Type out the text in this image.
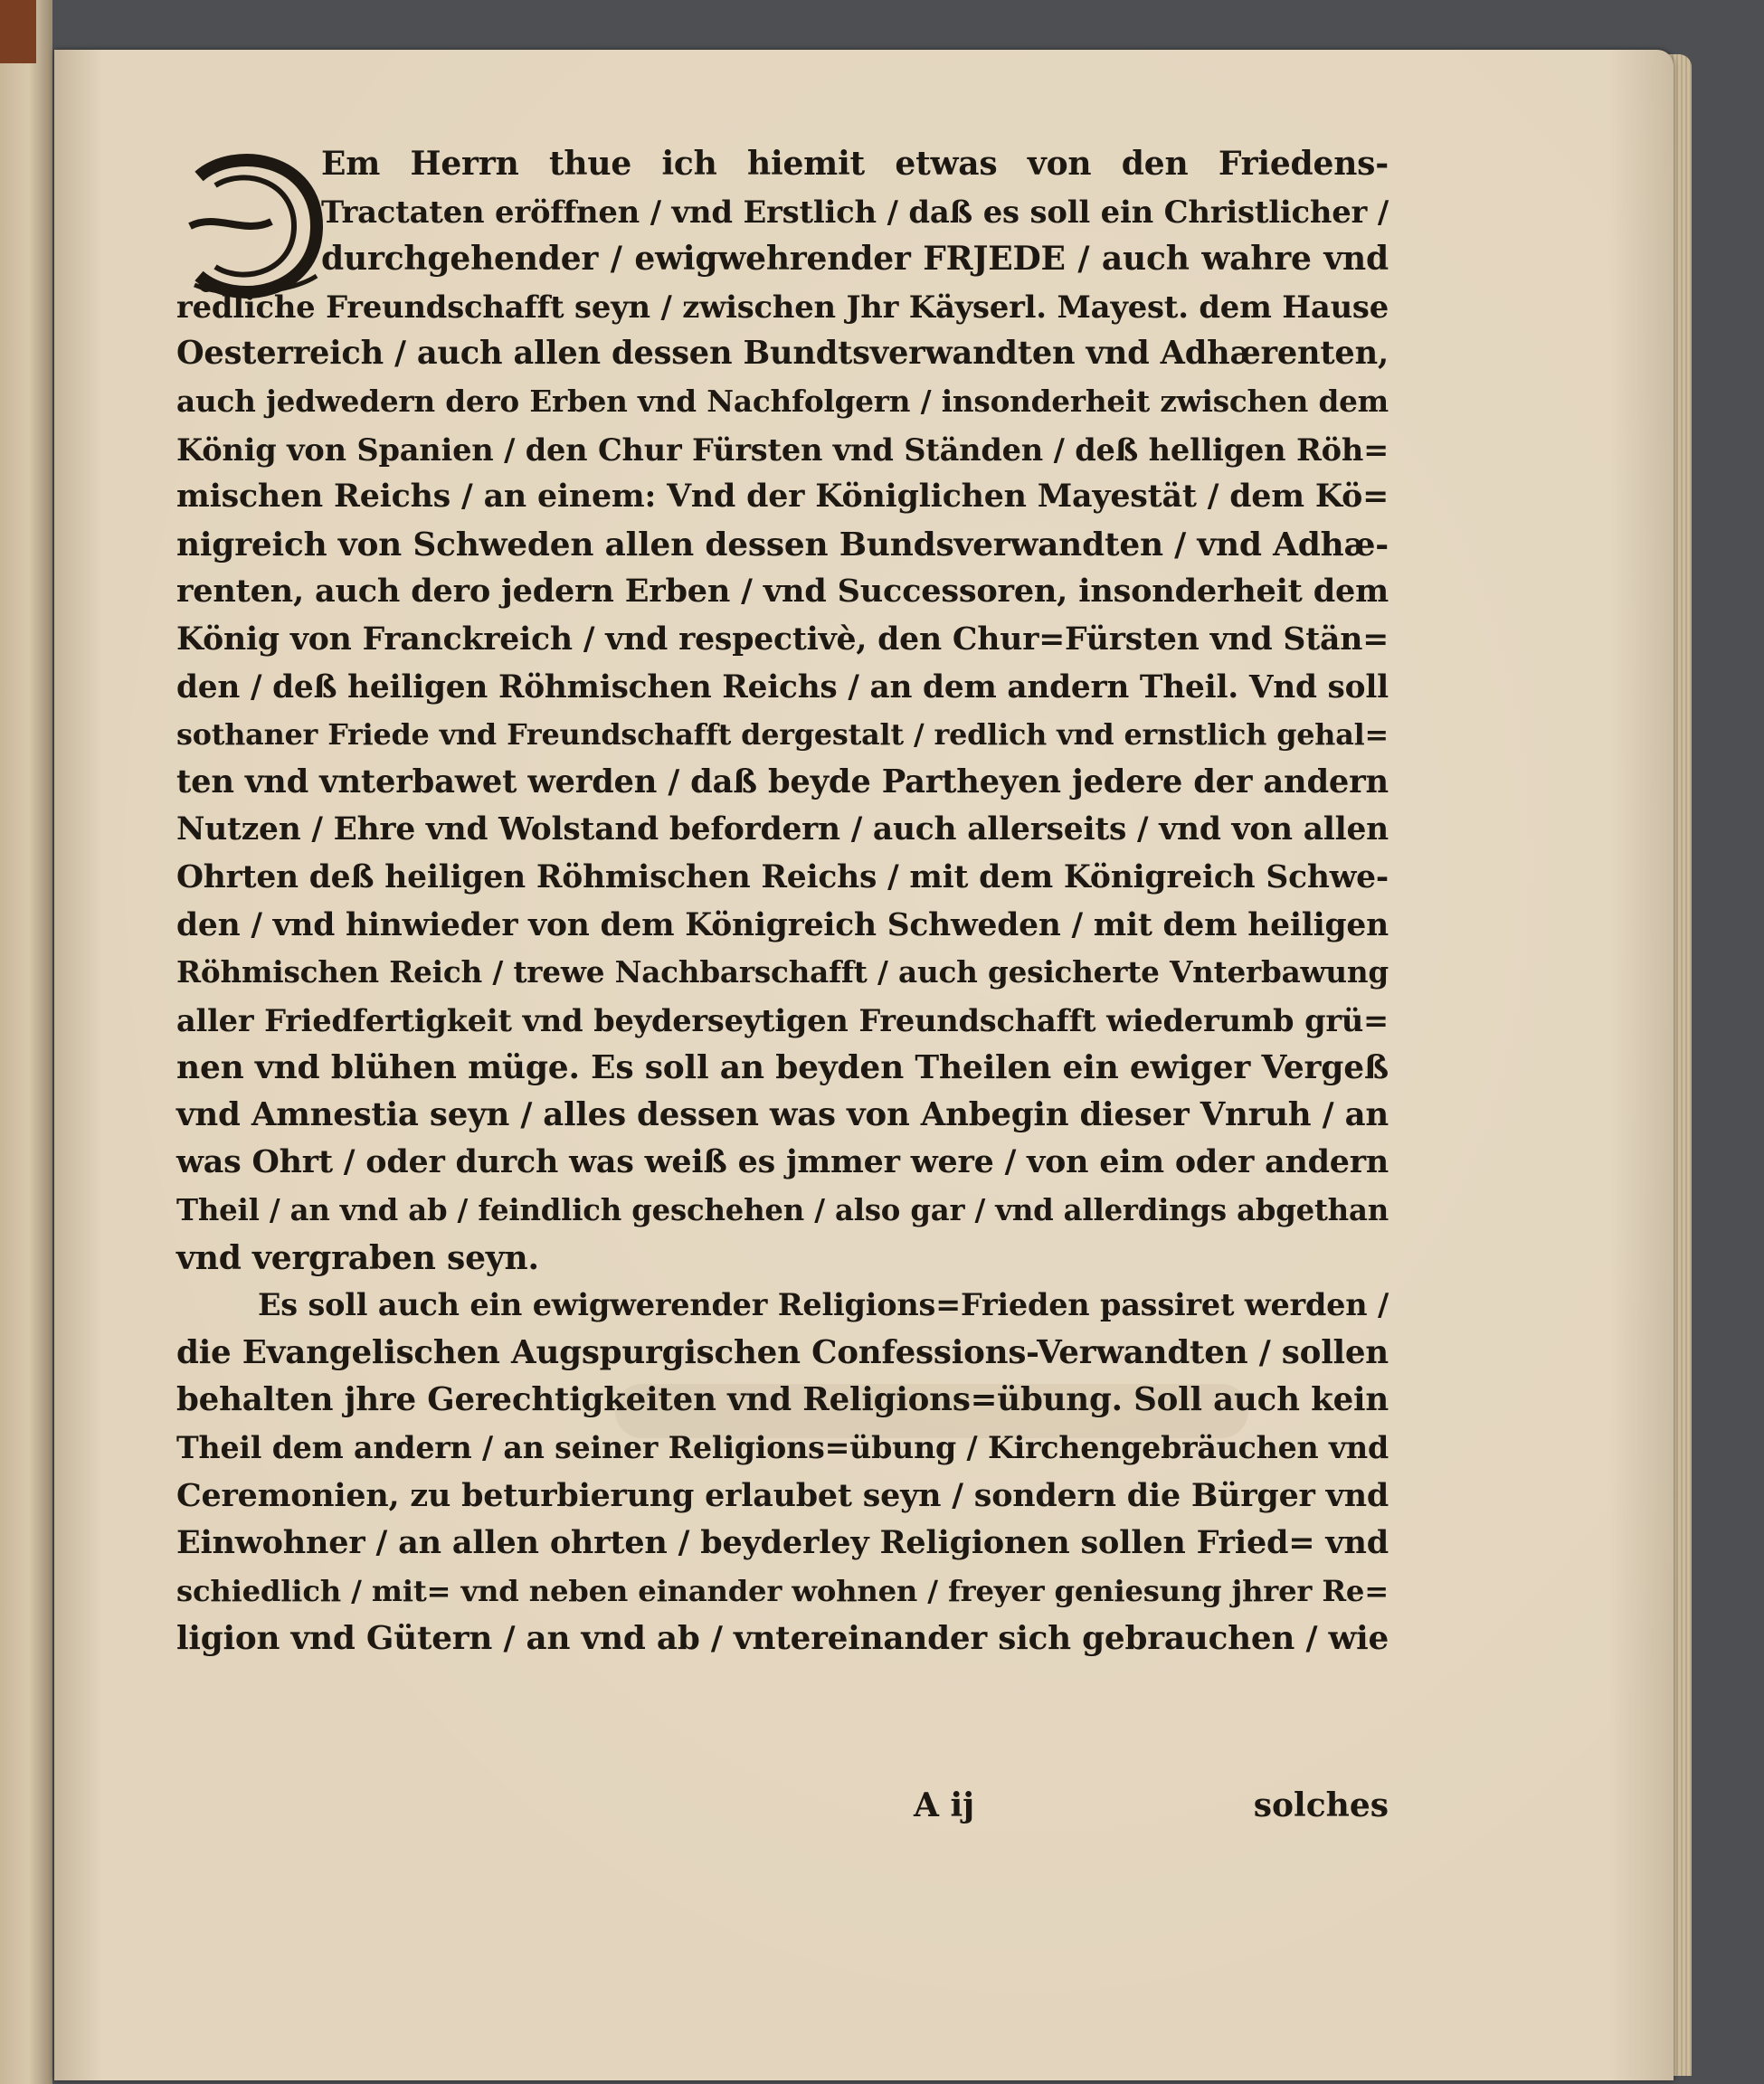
Em Herrn thue ich hiemit etwas von den Friedens-
Tractaten eröffnen / vnd Erstlich / daß es soll ein Christlicher /
durchgehender / ewigwehrender FRJEDE / auch wahre vnd
redliche Freundschafft seyn / zwischen Jhr Käyserl. Mayest. dem Hause
Oesterreich / auch allen dessen Bundtsverwandten vnd Adhærenten,
auch jedwedern dero Erben vnd Nachfolgern / insonderheit zwischen dem
König von Spanien / den Chur Fürsten vnd Ständen / deß helligen Röh=
mischen Reichs / an einem: Vnd der Königlichen Mayestät / dem Kö=
nigreich von Schweden allen dessen Bundsverwandten / vnd Adhæ-
renten, auch dero jedern Erben / vnd Successoren, insonderheit dem
König von Franckreich / vnd respectivè, den Chur=Fürsten vnd Stän=
den / deß heiligen Röhmischen Reichs / an dem andern Theil. Vnd soll
sothaner Friede vnd Freundschafft dergestalt / redlich vnd ernstlich gehal=
ten vnd vnterbawet werden / daß beyde Partheyen jedere der andern
Nutzen / Ehre vnd Wolstand befordern / auch allerseits / vnd von allen
Ohrten deß heiligen Röhmischen Reichs / mit dem Königreich Schwe-
den / vnd hinwieder von dem Königreich Schweden / mit dem heiligen
Röhmischen Reich / trewe Nachbarschafft / auch gesicherte Vnterbawung
aller Friedfertigkeit vnd beyderseytigen Freundschafft wiederumb grü=
nen vnd blühen müge. Es soll an beyden Theilen ein ewiger Vergeß
vnd Amnestia seyn / alles dessen was von Anbegin dieser Vnruh / an
was Ohrt / oder durch was weiß es jmmer were / von eim oder andern
Theil / an vnd ab / feindlich geschehen / also gar / vnd allerdings abgethan
vnd vergraben seyn.
Es soll auch ein ewigwerender Religions=Frieden passiret werden /
die Evangelischen Augspurgischen Confessions-Verwandten / sollen
behalten jhre Gerechtigkeiten vnd Religions=übung. Soll auch kein
Theil dem andern / an seiner Religions=übung / Kirchengebräuchen vnd
Ceremonien, zu beturbierung erlaubet seyn / sondern die Bürger vnd
Einwohner / an allen ohrten / beyderley Religionen sollen Fried= vnd
schiedlich / mit= vnd neben einander wohnen / freyer geniesung jhrer Re=
ligion vnd Gütern / an vnd ab / vntereinander sich gebrauchen / wie
A ij	solches
